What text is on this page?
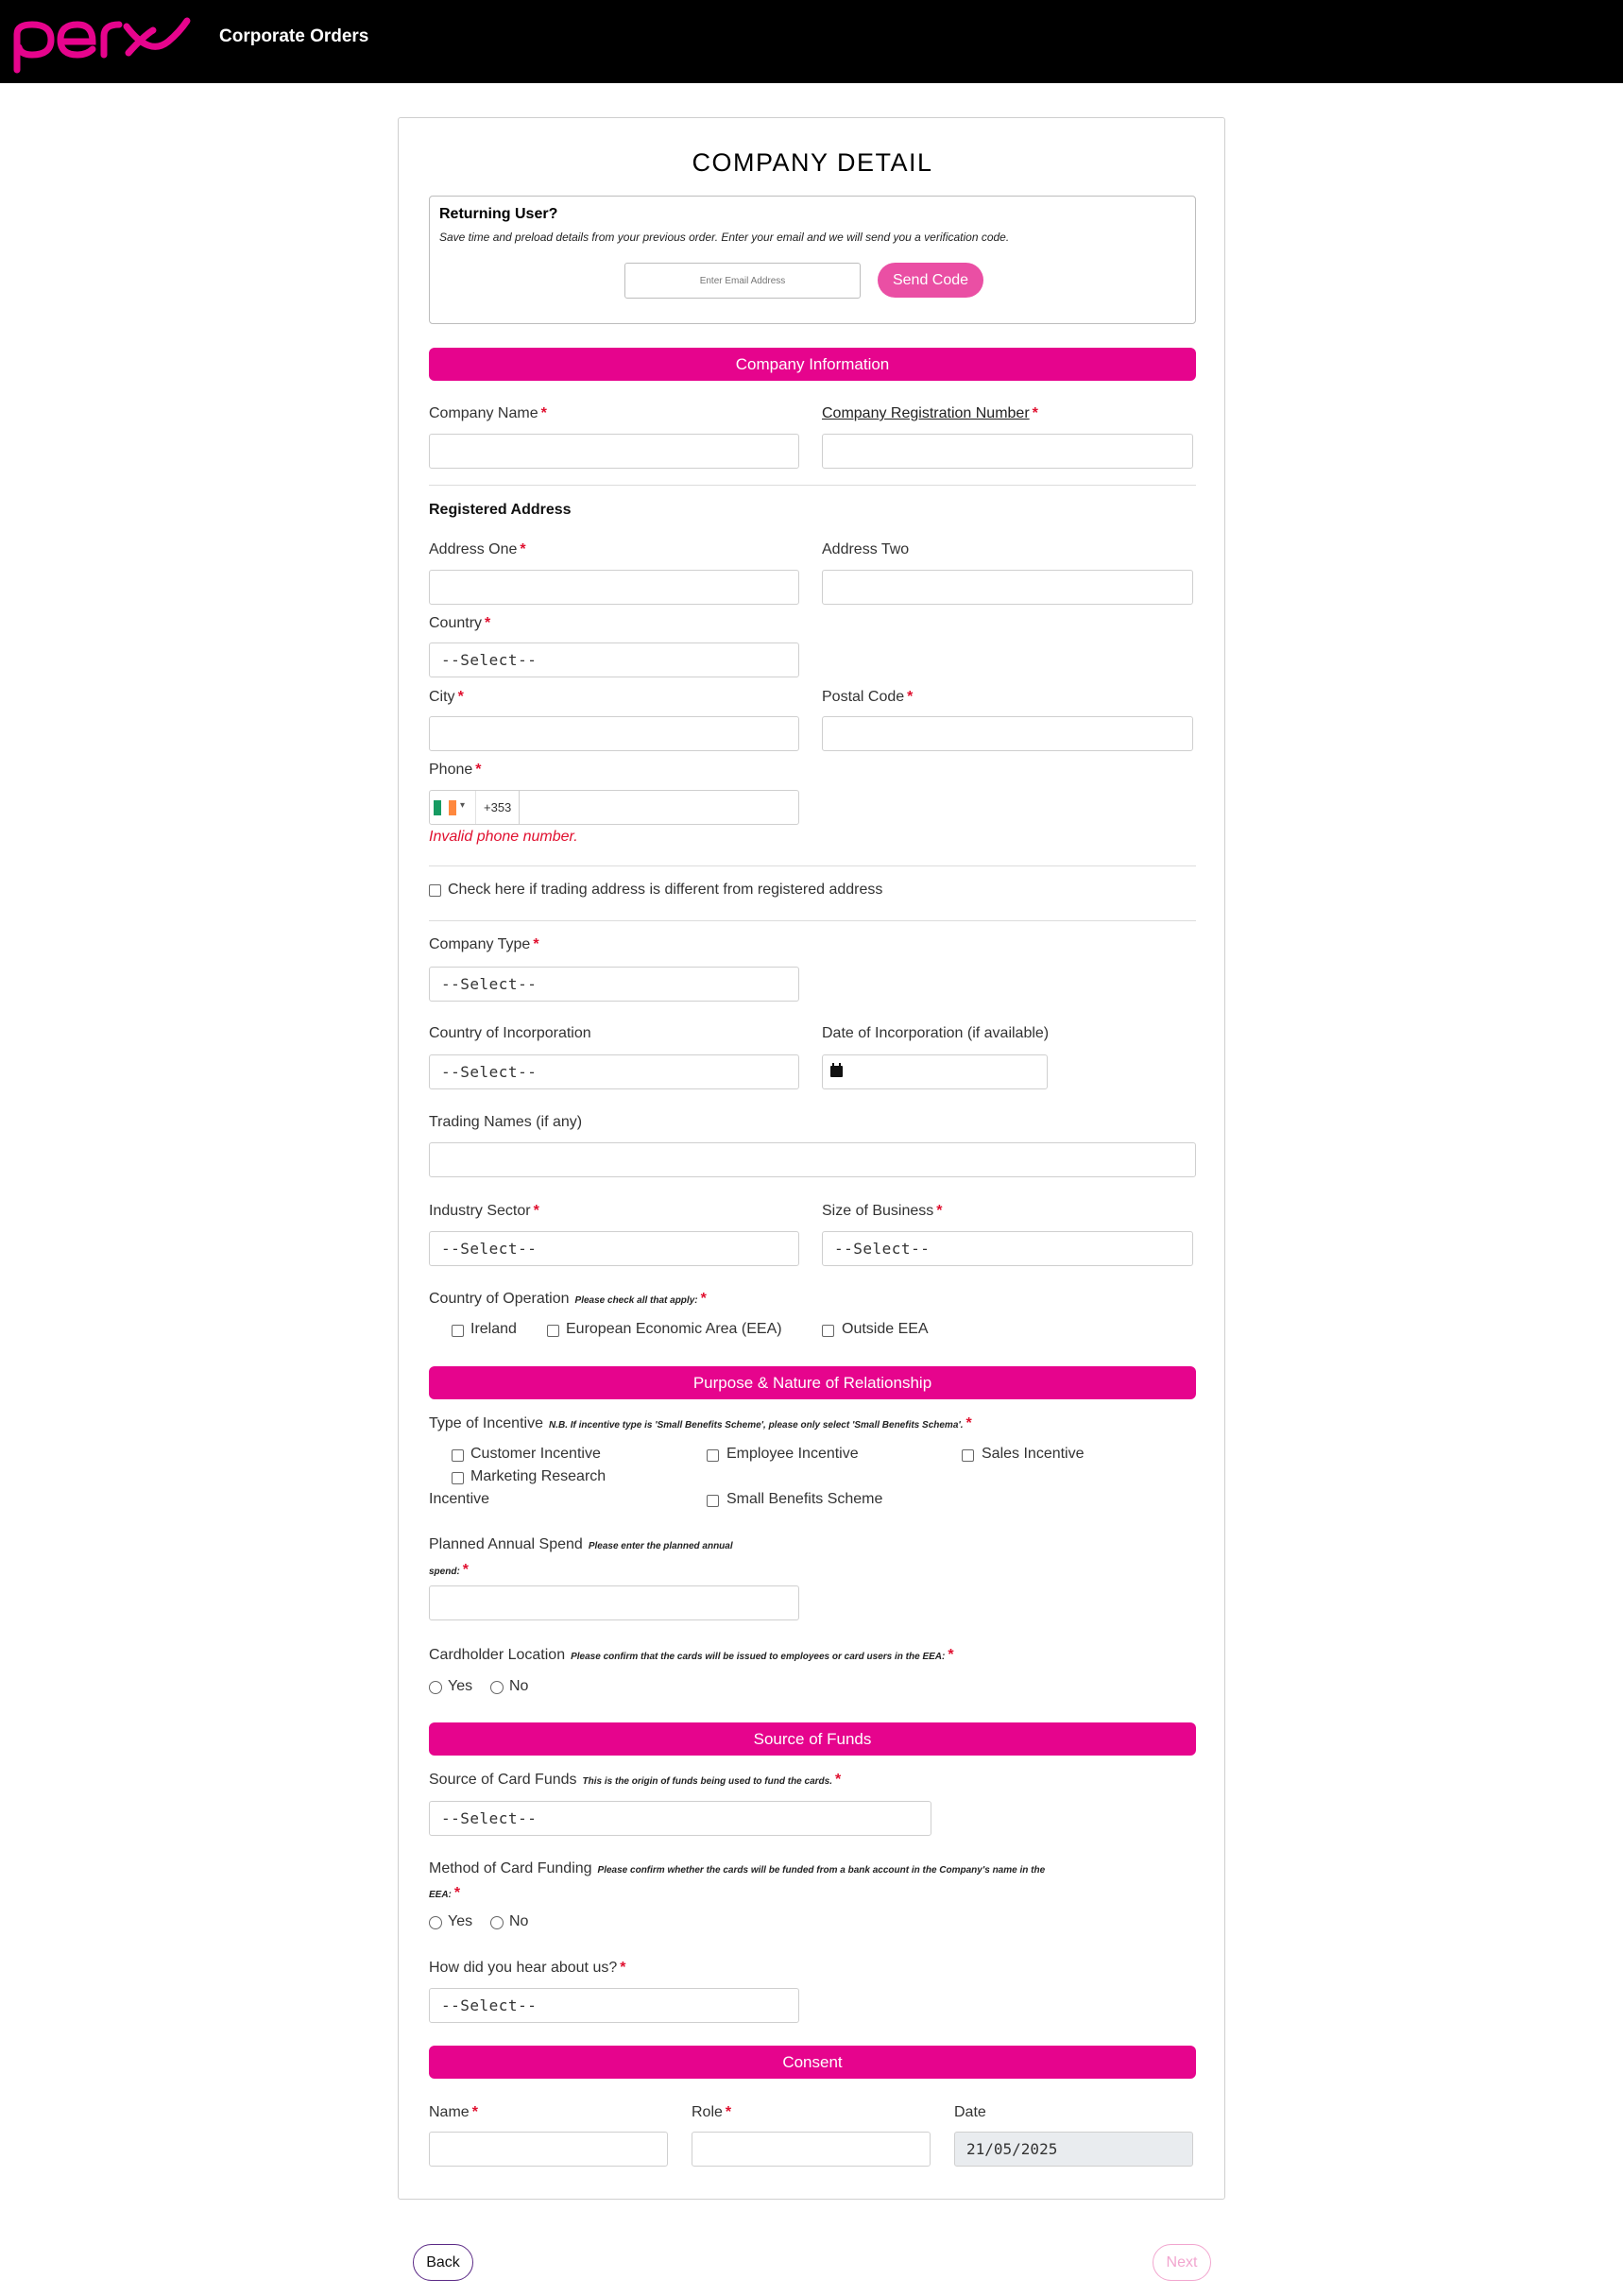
Corporate Orders
COMPANY DETAIL
Returning User?
Save time and preload details from your previous order. Enter your email and we will send you a verification code.
Enter Email Address
Send Code
Company Information
Company Name *	Company Registration Number *
Registered Address
Address One *	Address Two
Country *
--Select--
City *	Postal Code *
Phone *
▾	+353
Invalid phone number.
Check here if trading address is different from registered address
Company Type *
--Select--
Country of Incorporation	Date of Incorporation (if available)
--Select--
Trading Names (if any)
Industry Sector *	Size of Business *
--Select--	--Select--
Country of Operation Please check all that apply: *
Ireland	European Economic Area (EEA)	Outside EEA
Purpose & Nature of Relationship
Type of Incentive N.B. If incentive type is 'Small Benefits Scheme', please only select 'Small Benefits Schema'. *
Customer Incentive	Employee Incentive	Sales Incentive
Marketing Research
Incentive	Small Benefits Scheme
Planned Annual Spend Please enter the planned annual
spend: *
Cardholder Location Please confirm that the cards will be issued to employees or card users in the EEA: *
Yes No
Source of Funds
Source of Card Funds This is the origin of funds being used to fund the cards. *
--Select--
Method of Card Funding Please confirm whether the cards will be funded from a bank account in the Company's name in the
EEA: *
Yes No
How did you hear about us? *
--Select--
Consent
Name *	Role *	Date
21/05/2025
Back	Next
